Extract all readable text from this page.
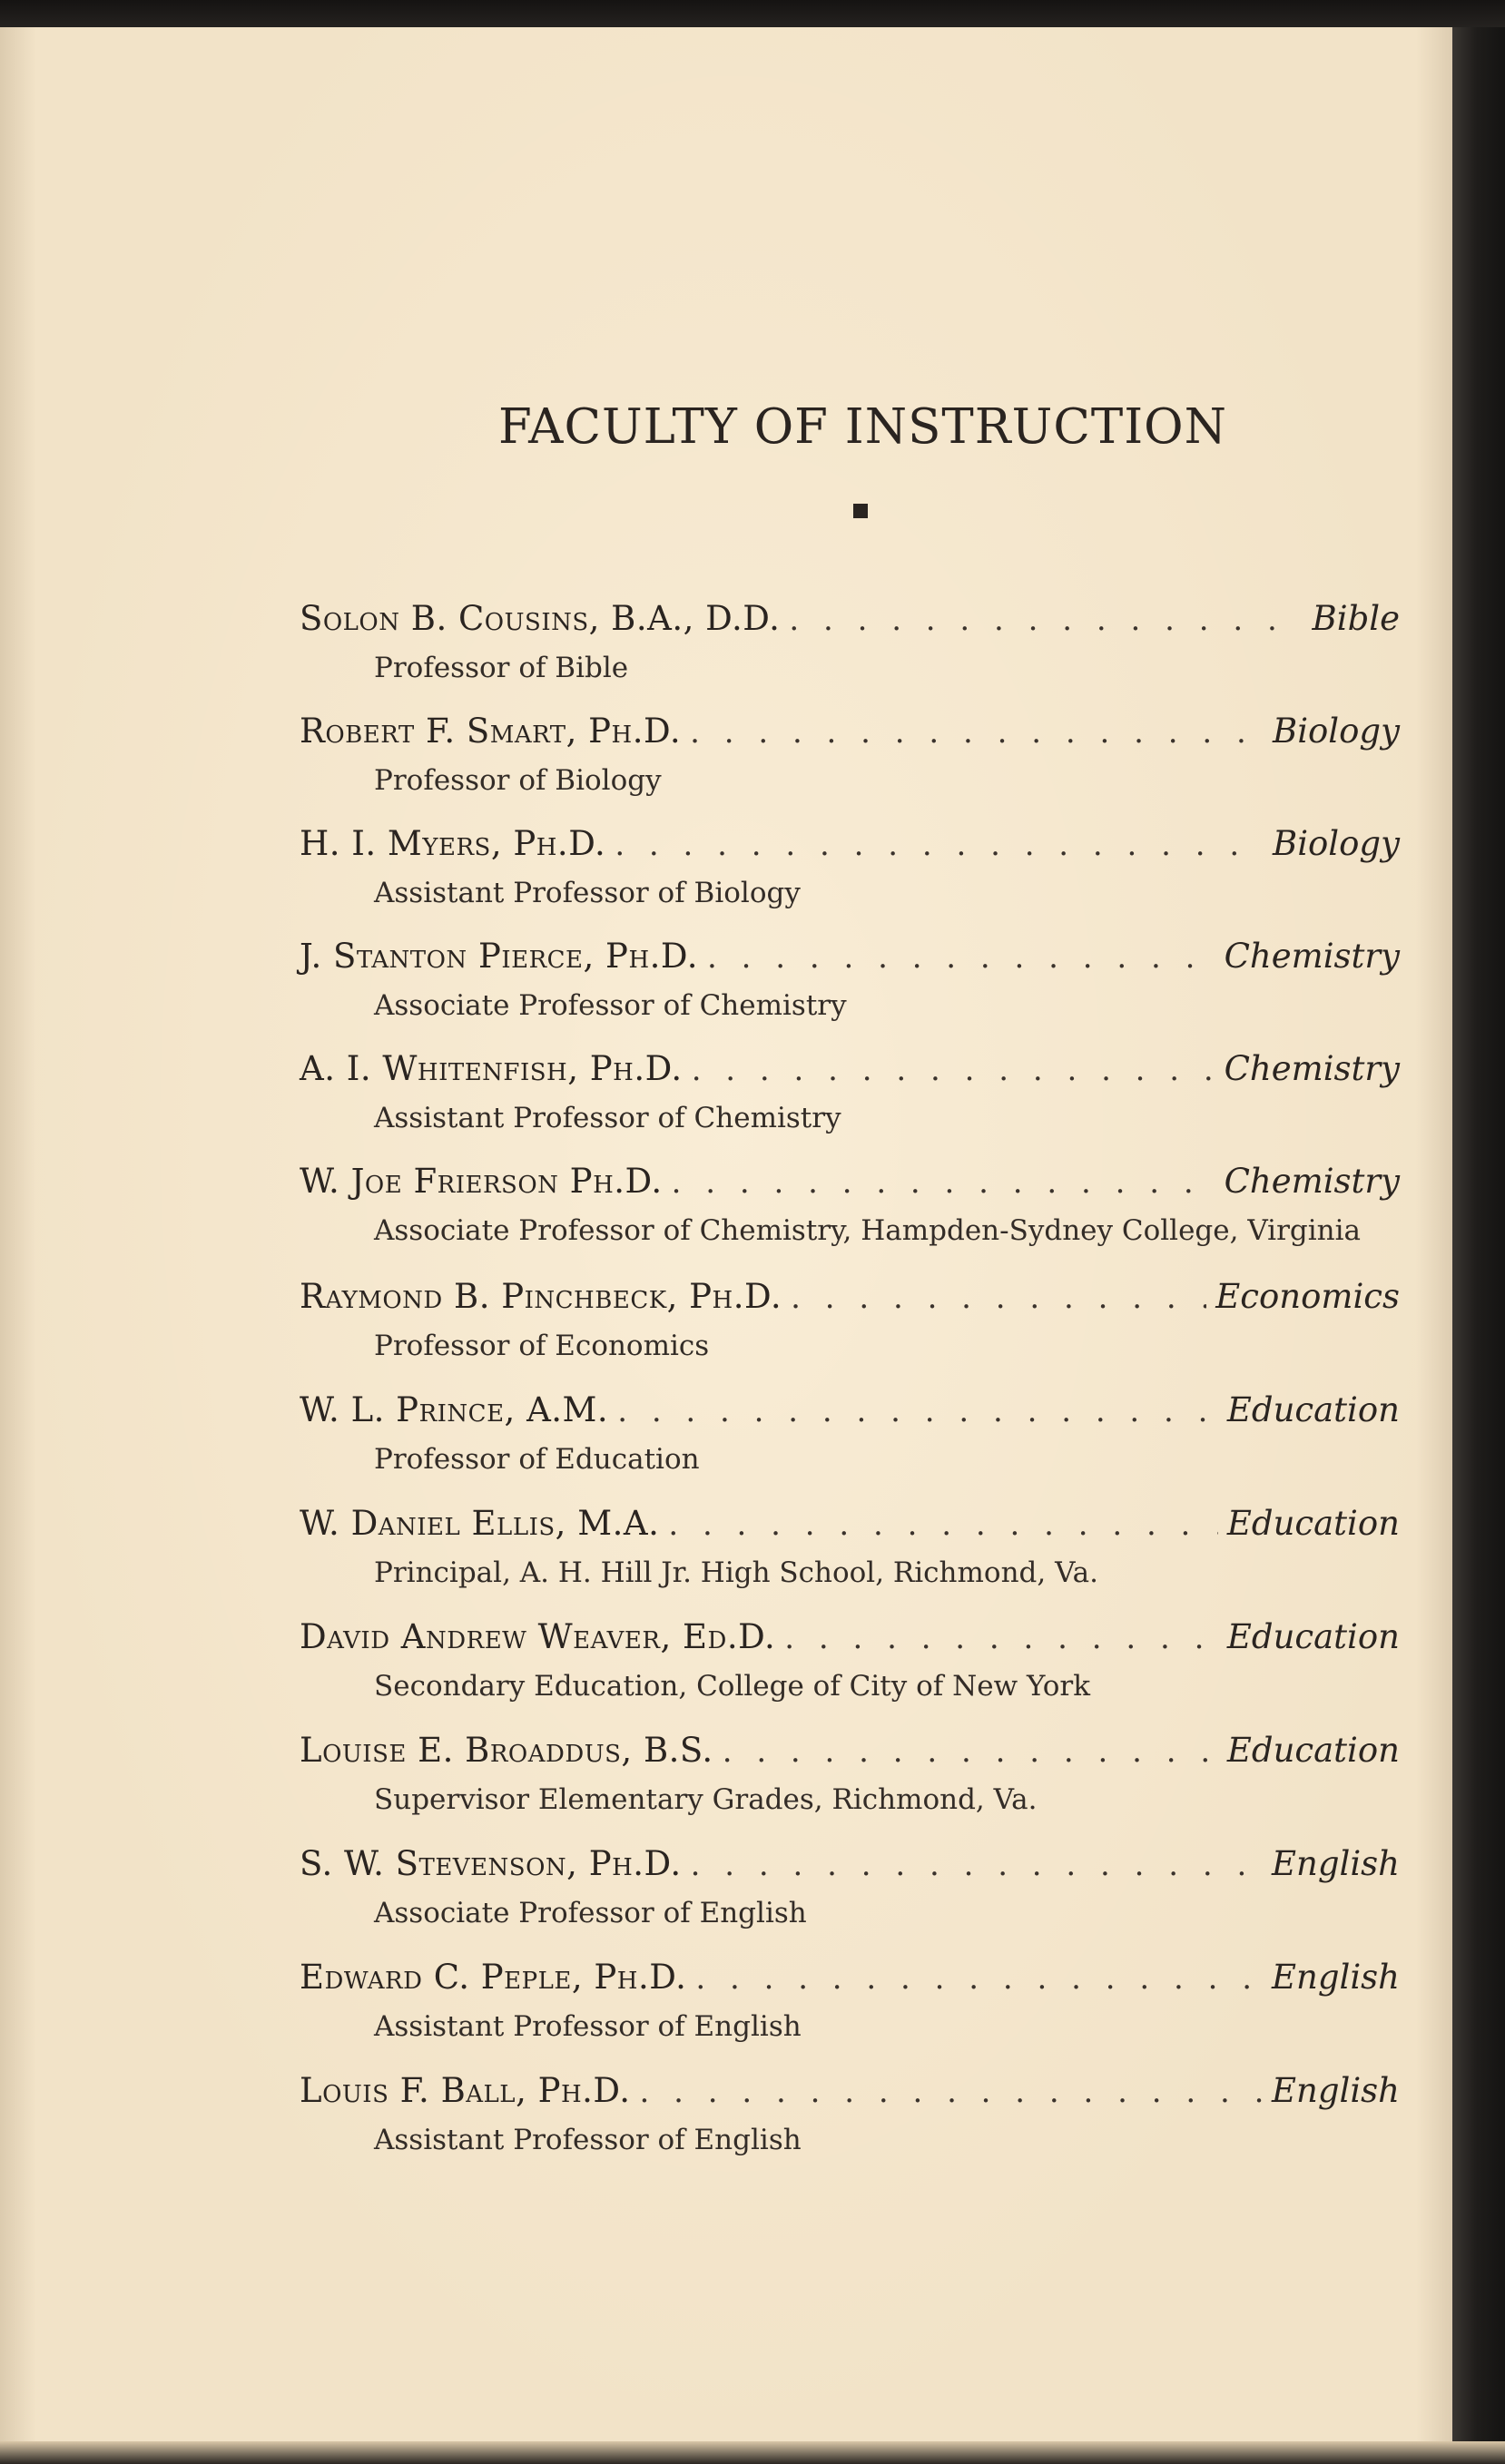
FACULTY OF INSTRUCTION
Solon B. Cousins, B.A., D.D. . . .	Bible
Professor of Bible
Robert F. Smart, Ph.D. . . .	Biology
Professor of Biology
H. I. Myers, Ph.D. . . .	Biology
Assistant Professor of Biology
J. Stanton Pierce, Ph.D. . . .	Chemistry
Associate Professor of Chemistry
A. I. Whitenfish, Ph.D. . . .	Chemistry
Assistant Professor of Chemistry
W. Joe Frierson Ph.D. . . .	Chemistry
Associate Professor of Chemistry, Hampden-Sydney College, Virginia
Raymond B. Pinchbeck, Ph.D. . . .	Economics
Professor of Economics
W. L. Prince, A.M. . . .	Education
Professor of Education
W. Daniel Ellis, M.A. . . .	Education
Principal, A. H. Hill Jr. High School, Richmond, Va.
David Andrew Weaver, Ed.D. . . .	Education
Secondary Education, College of City of New York
Louise E. Broaddus, B.S. . . .	Education
Supervisor Elementary Grades, Richmond, Va.
S. W. Stevenson, Ph.D. . . .	English
Associate Professor of English
Edward C. Peple, Ph.D. . . .	English
Assistant Professor of English
Louis F. Ball, Ph.D. . . .	English
Assistant Professor of English
